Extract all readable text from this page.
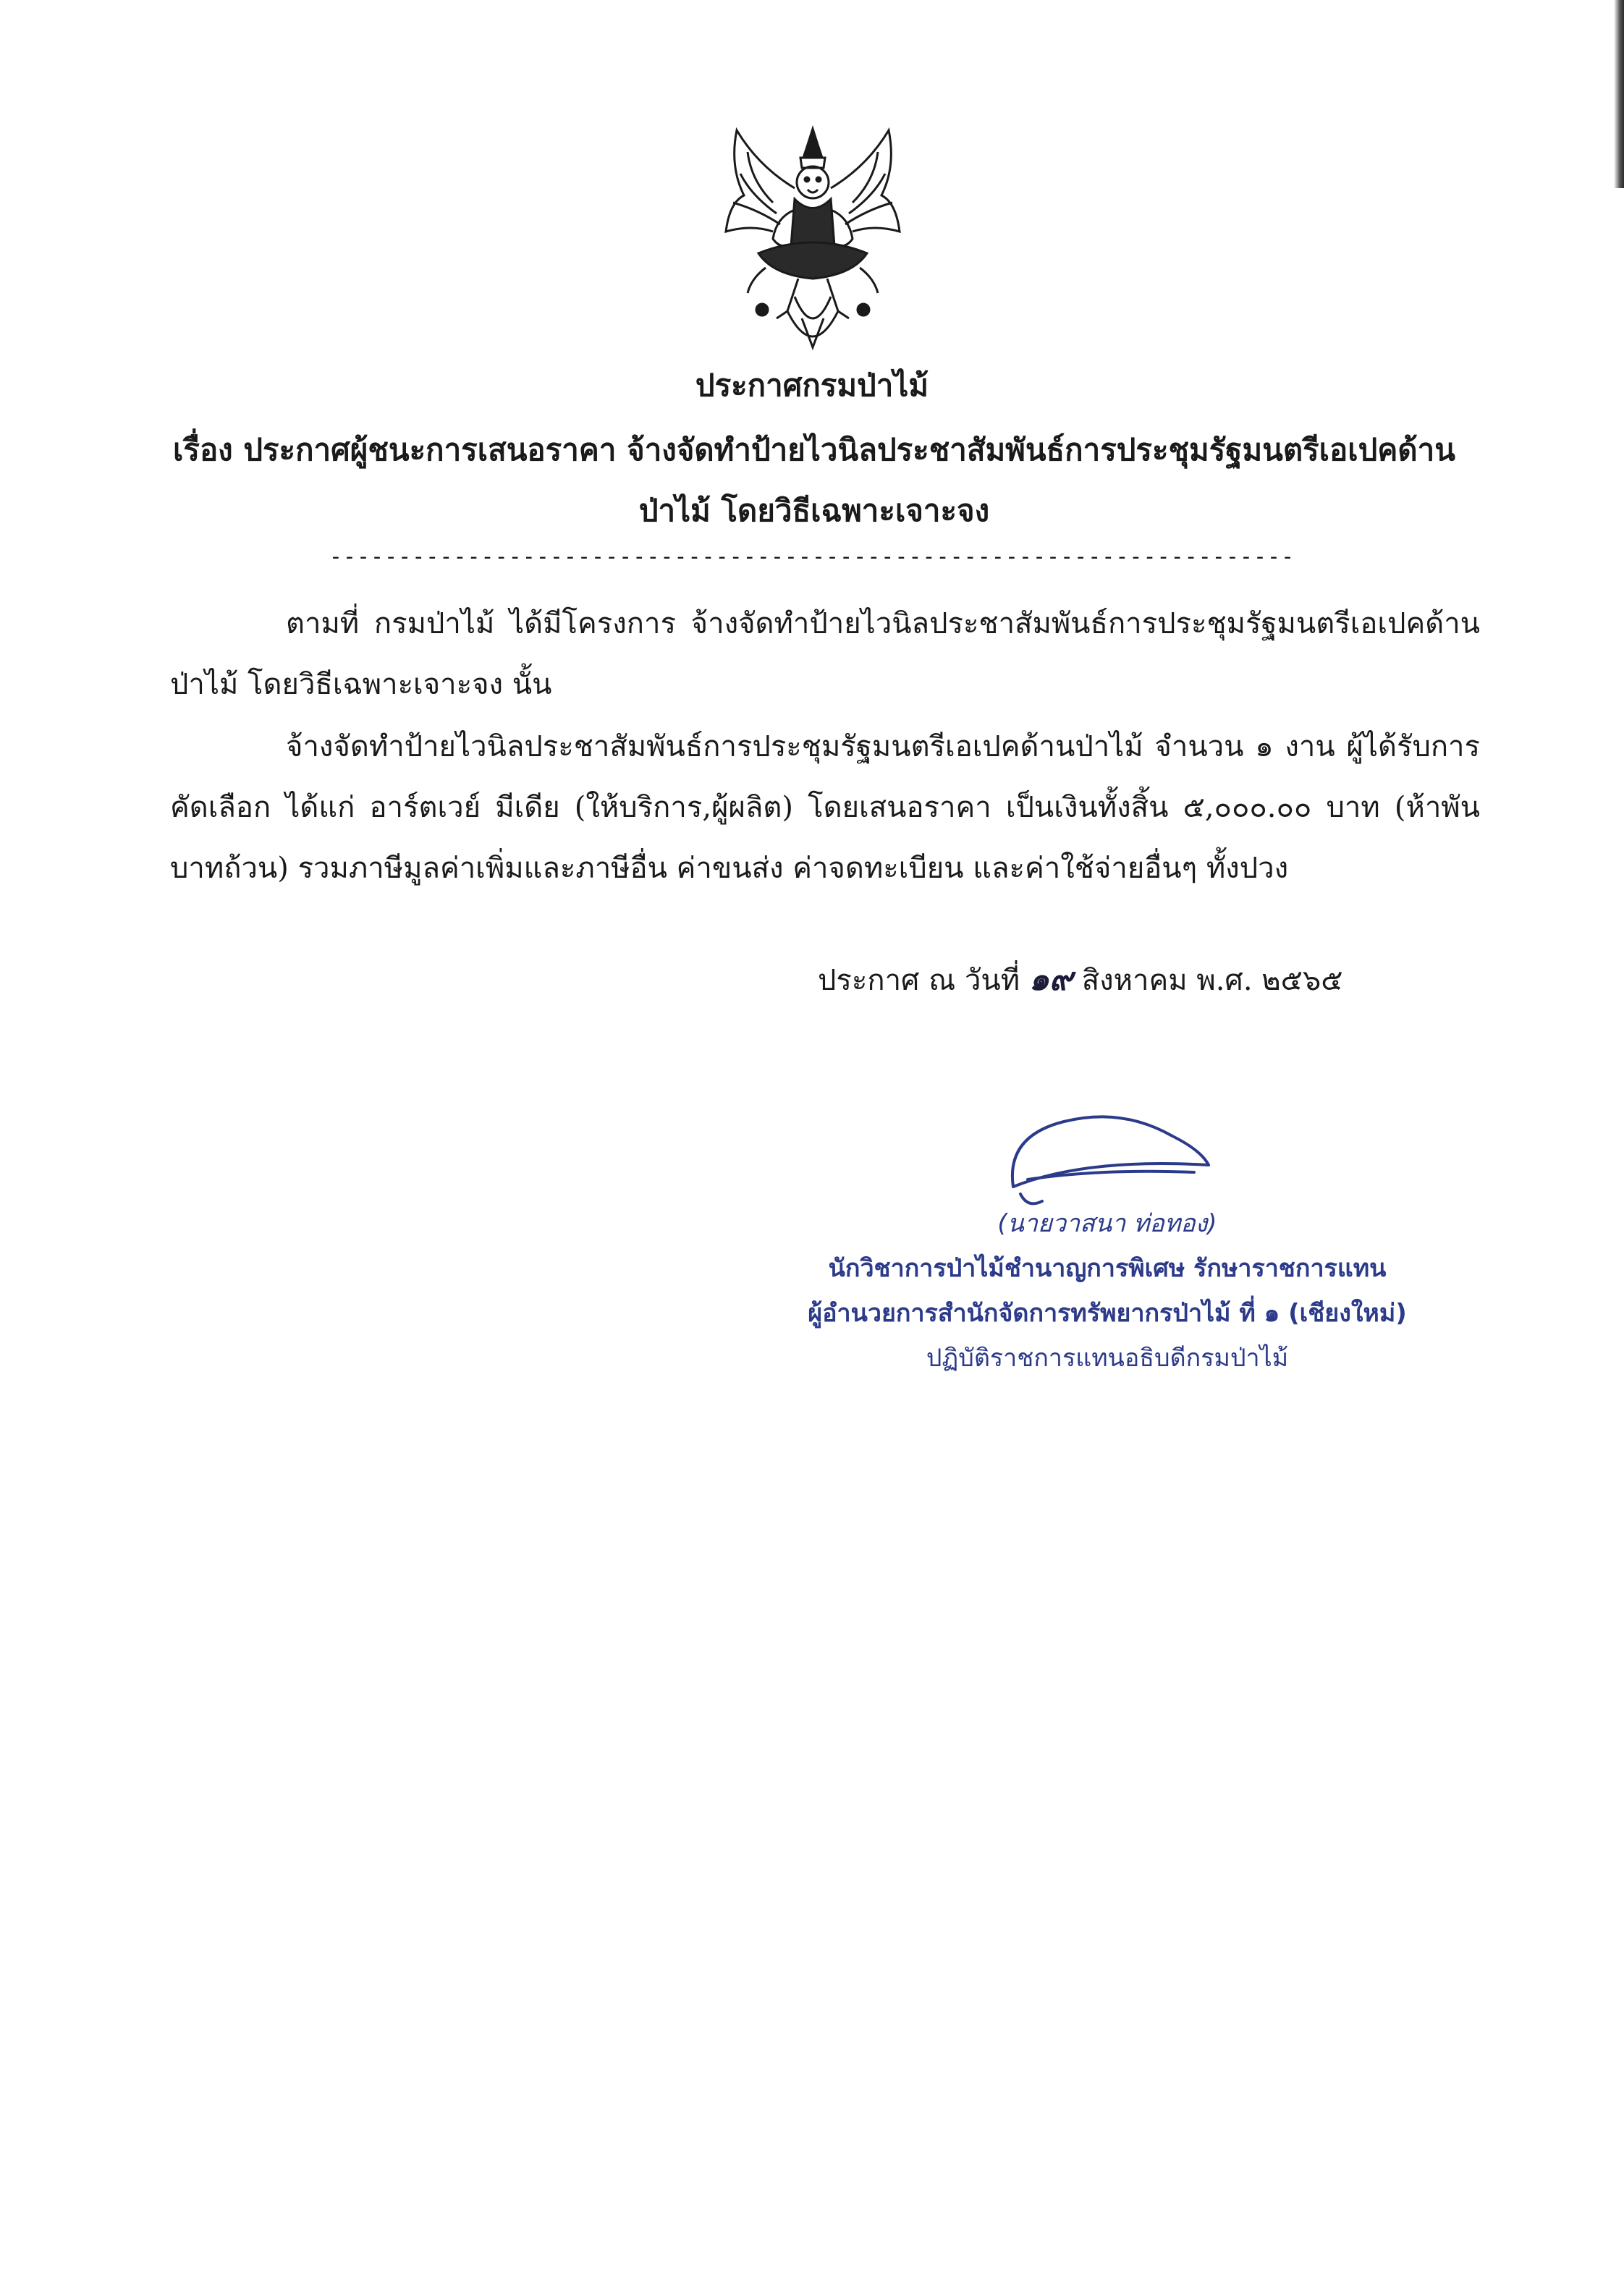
ประกาศกรมป่าไม้
เรื่อง ประกาศผู้ชนะการเสนอราคา จ้างจัดทำป้ายไวนิลประชาสัมพันธ์การประชุมรัฐมนตรีเอเปคด้านป่าไม้ โดยวิธีเฉพาะเจาะจง
----------------------------------------------------------------------
ตามที่ กรมป่าไม้ ได้มีโครงการ จ้างจัดทำป้ายไวนิลประชาสัมพันธ์การประชุมรัฐมนตรีเอเปคด้านป่าไม้ โดยวิธีเฉพาะเจาะจง นั้น
จ้างจัดทำป้ายไวนิลประชาสัมพันธ์การประชุมรัฐมนตรีเอเปคด้านป่าไม้ จำนวน ๑ งาน ผู้ได้รับการคัดเลือก ได้แก่ อาร์ตเวย์ มีเดีย (ให้บริการ,ผู้ผลิต) โดยเสนอราคา เป็นเงินทั้งสิ้น ๕,๐๐๐.๐๐ บาท (ห้าพันบาทถ้วน) รวมภาษีมูลค่าเพิ่มและภาษีอื่น ค่าขนส่ง ค่าจดทะเบียน และค่าใช้จ่ายอื่นๆ ทั้งปวง
ประกาศ ณ วันที่ ๑๙ สิงหาคม พ.ศ. ๒๕๖๕
(นายวาสนา ท่อทอง)
นักวิชาการป่าไม้ชำนาญการพิเศษ รักษาราชการแทน
ผู้อำนวยการสำนักจัดการทรัพยากรป่าไม้ ที่ ๑ (เชียงใหม่)
ปฏิบัติราชการแทนอธิบดีกรมป่าไม้
